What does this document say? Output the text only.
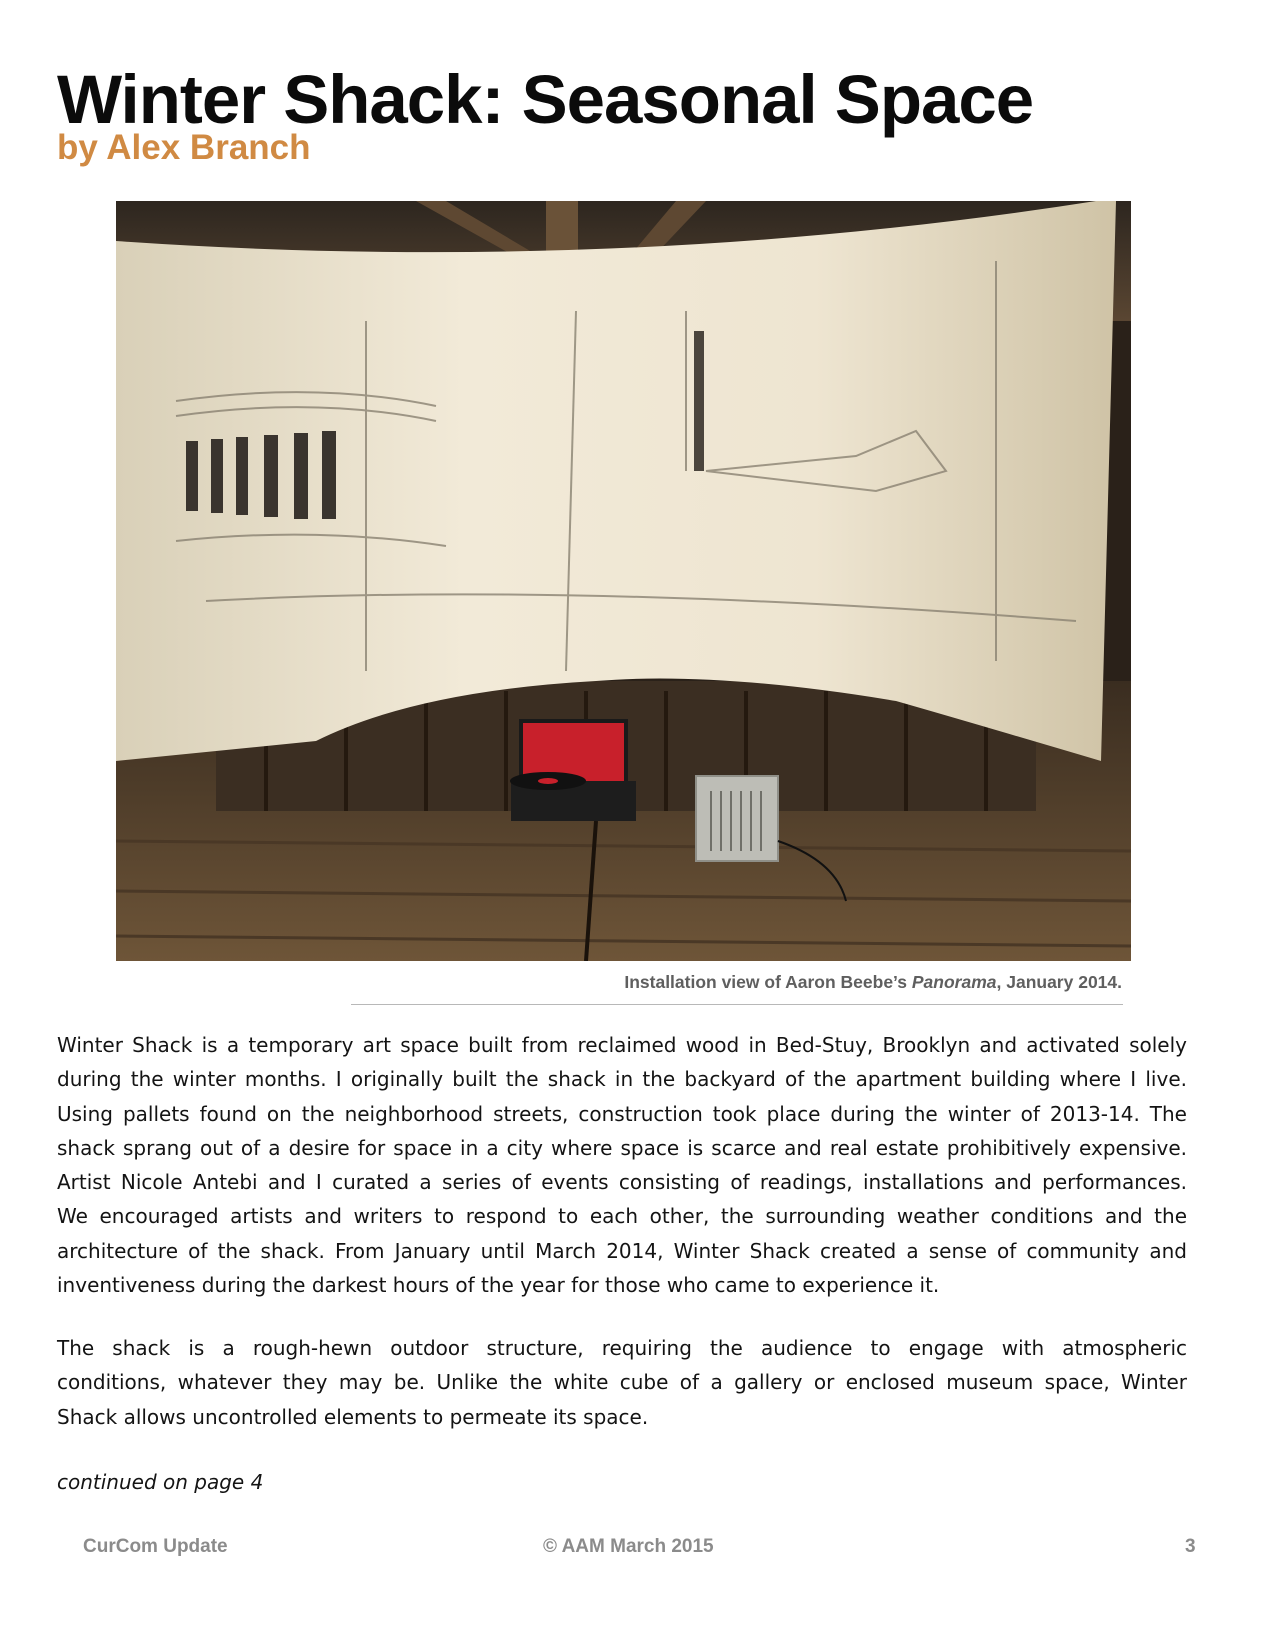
Winter Shack: Seasonal Space
by Alex Branch
Installation view of Aaron Beebe’s Panorama, January 2014.

Winter Shack is a temporary art space built from reclaimed wood in Bed-Stuy, Brooklyn and activated solely
during the winter months. I originally built the shack in the backyard of the apartment building where I live.
Using pallets found on the neighborhood streets, construction took place during the winter of 2013-14. The
shack sprang out of a desire for space in a city where space is scarce and real estate prohibitively expensive.
Artist Nicole Antebi and I curated a series of events consisting of readings, installations and performances.
We encouraged artists and writers to respond to each other, the surrounding weather conditions and the
architecture of the shack. From January until March 2014, Winter Shack created a sense of community and
inventiveness during the darkest hours of the year for those who came to experience it.

The shack is a rough-hewn outdoor structure, requiring the audience to engage with atmospheric
conditions, whatever they may be. Unlike the white cube of a gallery or enclosed museum space, Winter
Shack allows uncontrolled elements to permeate its space.

continued on page 4

CurCom Update	© AAM March 2015	3
